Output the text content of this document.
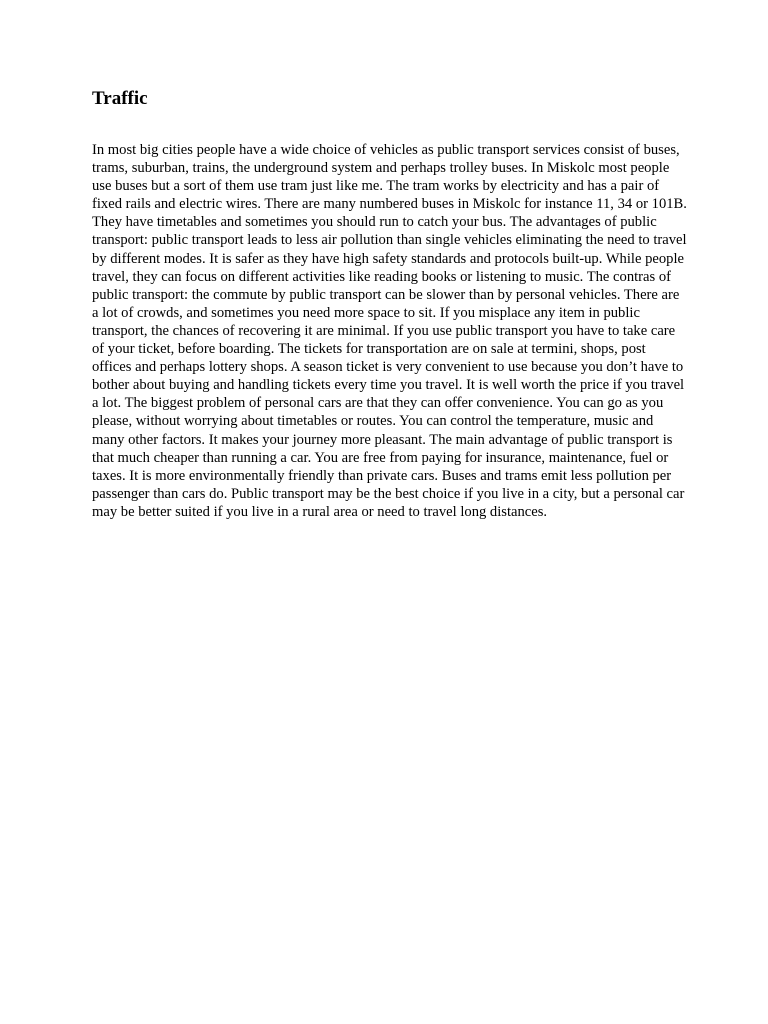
Traffic

In most big cities people have a wide choice of vehicles as public transport services consist of buses, trams, suburban, trains, the underground system and perhaps trolley buses. In Miskolc most people use buses but a sort of them use tram just like me. The tram works by electricity and has a pair of fixed rails and electric wires. There are many numbered buses in Miskolc for instance 11, 34 or 101B. They have timetables and sometimes you should run to catch your bus. The advantages of public transport: public transport leads to less air pollution than single vehicles eliminating the need to travel by different modes. It is safer as they have high safety standards and protocols built-up. While people travel, they can focus on different activities like reading books or listening to music. The contras of public transport: the commute by public transport can be slower than by personal vehicles. There are a lot of crowds, and sometimes you need more space to sit. If you misplace any item in public transport, the chances of recovering it are minimal. If you use public transport you have to take care of your ticket, before boarding. The tickets for transportation are on sale at termini, shops, post offices and perhaps lottery shops. A season ticket is very convenient to use because you don’t have to bother about buying and handling tickets every time you travel. It is well worth the price if you travel a lot. The biggest problem of personal cars are that they can offer convenience. You can go as you please, without worrying about timetables or routes. You can control the temperature, music and many other factors. It makes your journey more pleasant. The main advantage of public transport is that much cheaper than running a car. You are free from paying for insurance, maintenance, fuel or taxes. It is more environmentally friendly than private cars. Buses and trams emit less pollution per passenger than cars do. Public transport may be the best choice if you live in a city, but a personal car may be better suited if you live in a rural area or need to travel long distances.
